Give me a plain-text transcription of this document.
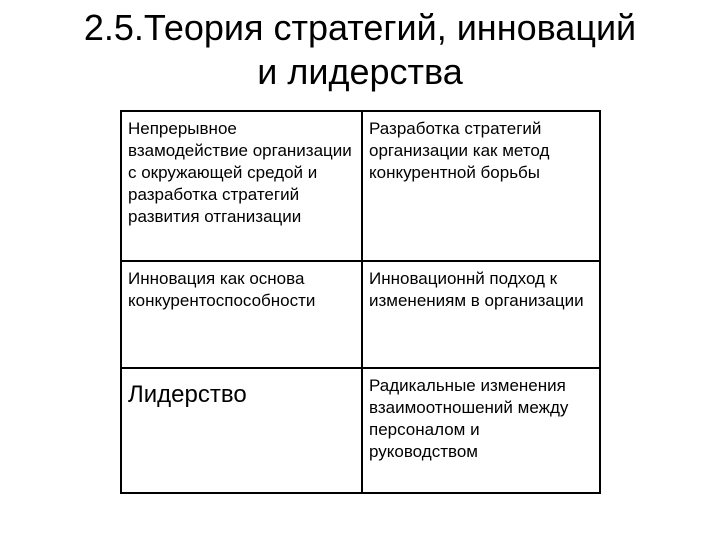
2.5.Теория стратегий, инноваций
и лидерства
Непрерывное взамодействие организации с окружающей средой и разработка стратегий развития отганизации
Разработка стратегий организации как метод конкурентной борьбы
Инновация как основа конкурентоспособности
Инновационнй подход к изменениям в организации
Лидерство	Радикальные изменения взаимоотношений между персоналом и руководством
